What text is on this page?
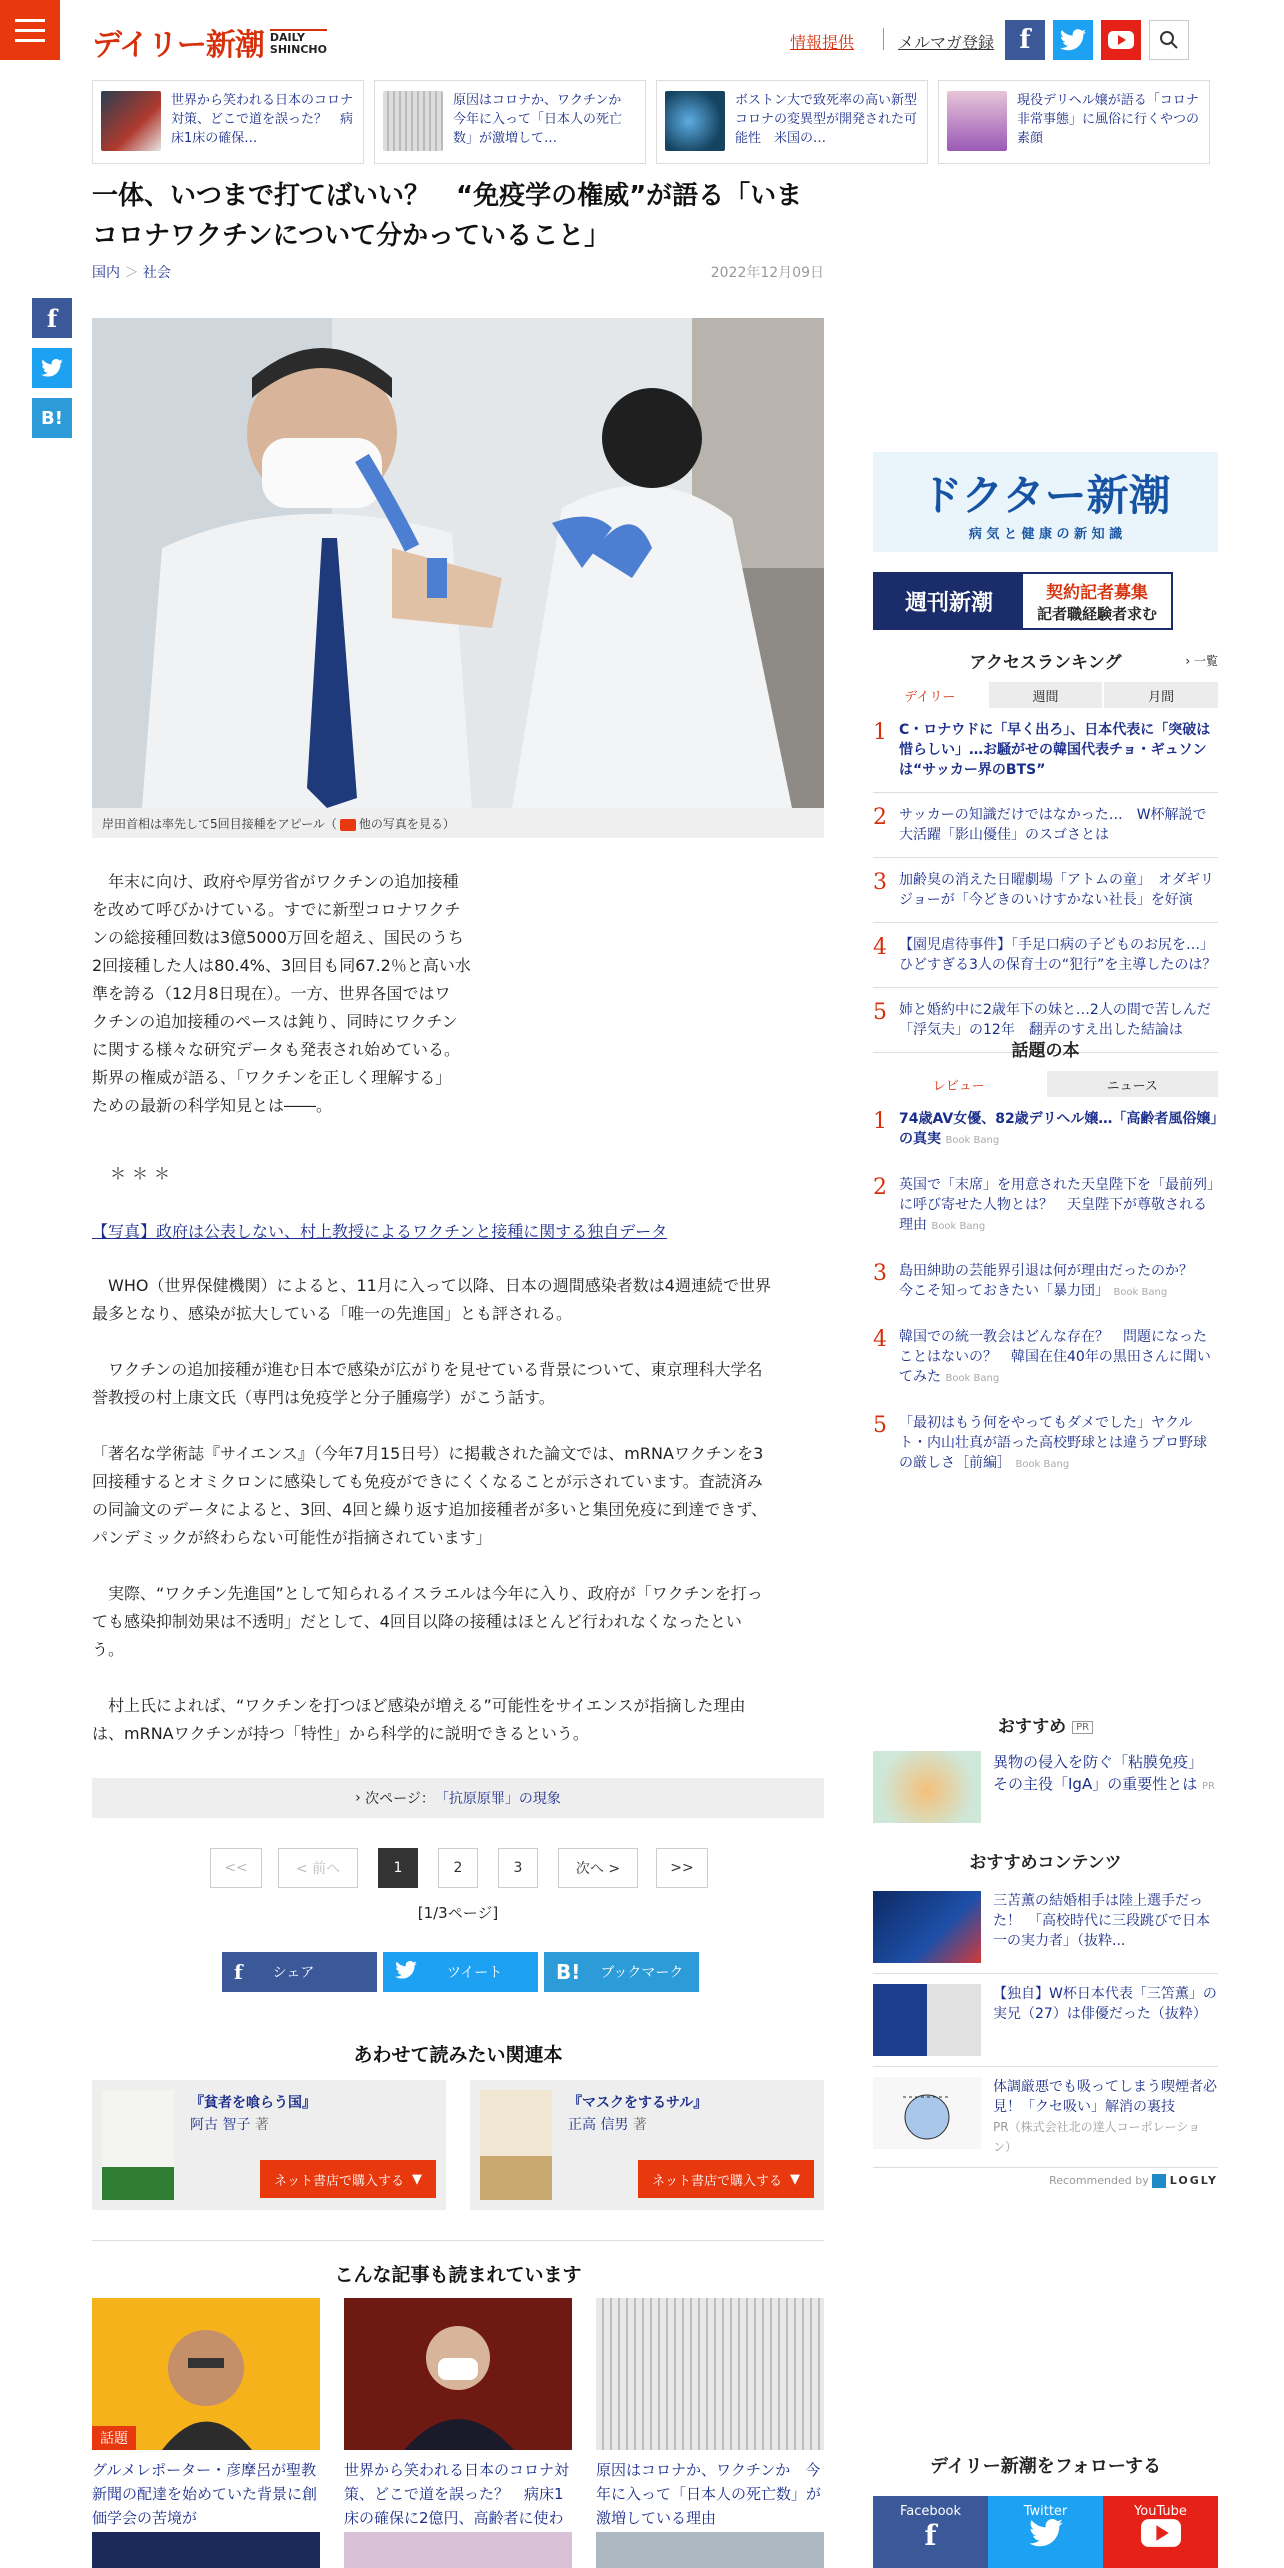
デイリー新潮 DAILY
SHINCHO	情報提供	メルマガ登録 f
世界から笑われる日本のコロナ対策、どこで道を誤った？　病床1床の確保…
原因はコロナか、ワクチンか　今年に入って「日本人の死亡数」が激増して…
ボストン大で致死率の高い新型コロナの変異型が開発された可能性　米国の…
現役デリヘル嬢が語る「コロナ非常事態」に風俗に行くやつの素顔
f
B!
一体、いつまで打てばいい？　“免疫学の権威”が語る「いまコロナワクチンについて分かっていること」
国内 ＞ 社会	2022年12月09日
岸田首相は率先して5回目接種をアピール（ 他の写真を見る）
　年末に向け、政府や厚労省がワクチンの追加接種
を改めて呼びかけている。すでに新型コロナワクチ
ンの総接種回数は3億5000万回を超え、国民のうち
2回接種した人は80.4%、3回目も同67.2％と高い水
準を誇る（12月8日現在）。一方、世界各国ではワ
クチンの追加接種のペースは鈍り、同時にワクチン
に関する様々な研究データも発表され始めている。
斯界の権威が語る、「ワクチンを正しく理解する」
ための最新の科学知見とは――。
＊＊＊
【写真】政府は公表しない、村上教授によるワクチンと接種に関する独自データ
　WHO（世界保健機関）によると、11月に入って以降、日本の週間感染者数は4週連続で世界
最多となり、感染が拡大している「唯一の先進国」とも評される。
　ワクチンの追加接種が進む日本で感染が広がりを見せている背景について、東京理科大学名
誉教授の村上康文氏（専門は免疫学と分子腫瘍学）がこう話す。
「著名な学術誌『サイエンス』（今年7月15日号）に掲載された論文では、mRNAワクチンを3
回接種するとオミクロンに感染しても免疫ができにくくなることが示されています。査読済み
の同論文のデータによると、3回、4回と繰り返す追加接種者が多いと集団免疫に到達できず、
パンデミックが終わらない可能性が指摘されています」
　実際、“ワクチン先進国”として知られるイスラエルは今年に入り、政府が「ワクチンを打っ
ても感染抑制効果は不透明」だとして、4回目以降の接種はほとんど行われなくなったとい
う。
　村上氏によれば、“ワクチンを打つほど感染が増える”可能性をサイエンスが指摘した理由
は、mRNAワクチンが持つ「特性」から科学的に説明できるという。
› 次ページ： 「抗原原罪」の現象
<<	< 前へ	1	2	3	次へ >	>>
[1/3ページ]
f シェア	ツイート	B! ブックマーク
あわせて読みたい関連本
『貧者を喰らう国』
阿古 智子 著
ネット書店で購入する ▼
『マスクをするサル』
正高 信男 著
ネット書店で購入する ▼
こんな記事も読まれています
話題
グルメレポーター・彦摩呂が聖教新聞の配達を始めていた背景に創価学会の苦境が
世界から笑われる日本のコロナ対策、どこで道を誤った？　病床1床の確保に2億円、高齢者に使わ
原因はコロナか、ワクチンか　今年に入って「日本人の死亡数」が激増している理由
ドクター新潮
病 気 と 健 康 の 新 知 識
週刊新潮	契約記者募集
記者職経験者求む
アクセスランキング	› 一覧
デイリー	週間	月間
1 C・ロナウドに「早く出ろ」、日本代表に「突破は惜らしい」…お騒がせの韓国代表チョ・ギュソンは“サッカー界のBTS”
2 サッカーの知識だけではなかった…　W杯解説で大活躍「影山優佳」のスゴさとは
3 加齢臭の消えた日曜劇場「アトムの童」　オダギリジョーが「今どきのいけすかない社長」を好演
4 【園児虐待事件】「手足口病の子どものお尻を…」ひどすぎる3人の保育士の“犯行”を主導したのは？
5 姉と婚約中に2歳年下の妹と…2人の間で苦しんだ「浮気夫」の12年　翻弄のすえ出した結論は
話題の本
レビュー	ニュース
1 74歳AV女優、82歳デリヘル嬢…「高齢者風俗嬢」の真実 Book Bang
2 英国で「末席」を用意された天皇陛下を「最前列」に呼び寄せた人物とは？　天皇陛下が尊敬される理由 Book Bang
3 島田紳助の芸能界引退は何が理由だったのか？　今こそ知っておきたい「暴力団」 Book Bang
4 韓国での統一教会はどんな存在？　問題になったことはないの？　韓国在住40年の黒田さんに聞いてみた Book Bang
5 「最初はもう何をやってもダメでした」ヤクルト・内山壮真が語った高校野球とは違うプロ野球の厳しさ［前編］ Book Bang
おすすめ PR
異物の侵入を防ぐ「粘膜免疫」　その主役「IgA」の重要性とは PR
おすすめコンテンツ
三苫薫の結婚相手は陸上選手だった！　「高校時代に三段跳びで日本一の実力者」（抜粋...
【独自】W杯日本代表「三笘薫」の実兄（27）は俳優だった（抜粋）
体調厳悪でも吸ってしまう喫煙者必見！「クセ吸い」解消の裏技
PR（株式会社北の達人コーポレーション）
Recommended by LOGLY
デイリー新潮をフォローする
Facebook
f
Twitter	YouTube
